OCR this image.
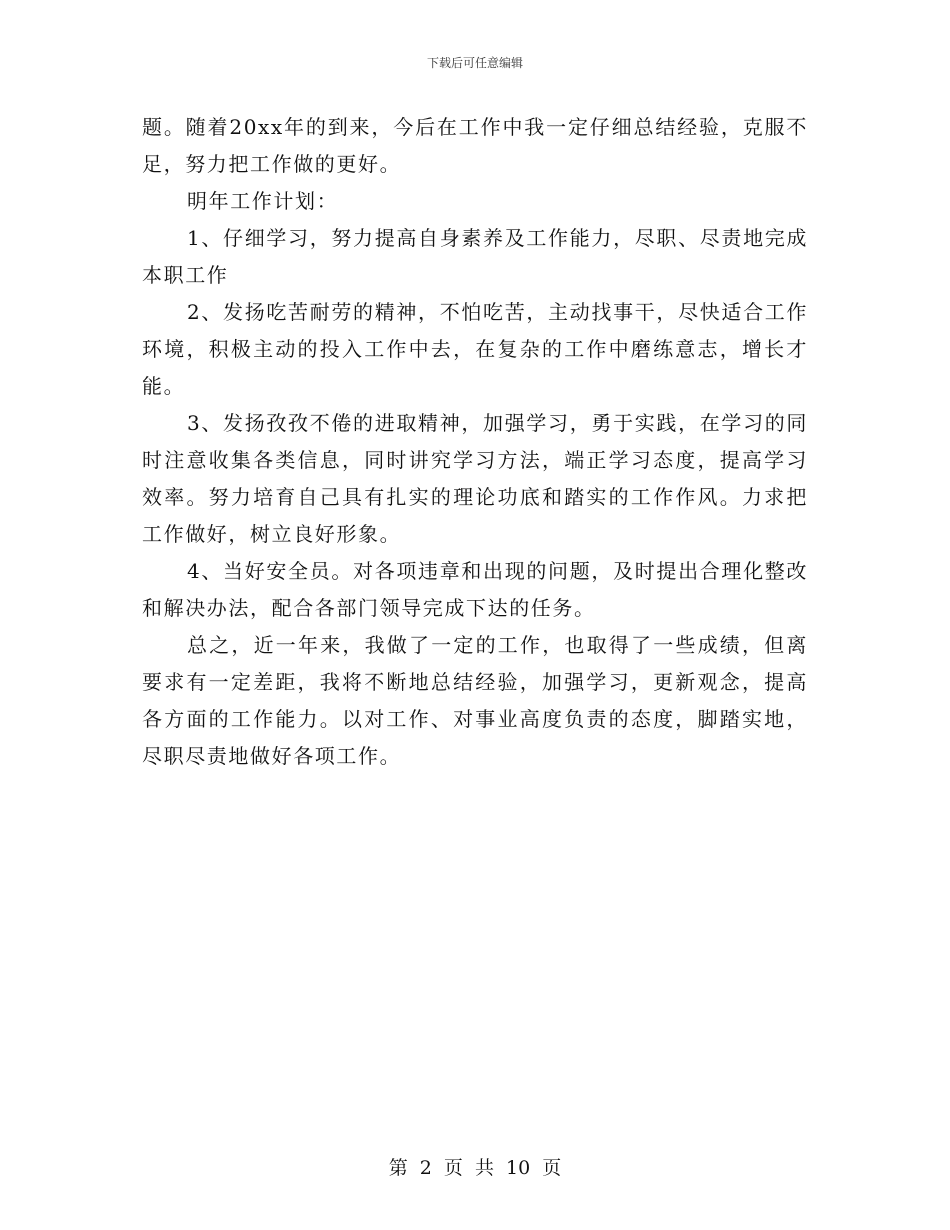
下载后可任意编辑

题。随着20xx年的到来，今后在工作中我一定仔细总结经验，克服不足，努力把工作做的更好。

明年工作计划：

1、仔细学习，努力提高自身素养及工作能力，尽职、尽责地完成本职工作

2、发扬吃苦耐劳的精神，不怕吃苦，主动找事干，尽快适合工作环境，积极主动的投入工作中去，在复杂的工作中磨练意志，增长才能。

3、发扬孜孜不倦的进取精神，加强学习，勇于实践，在学习的同时注意收集各类信息，同时讲究学习方法，端正学习态度，提高学习效率。努力培育自己具有扎实的理论功底和踏实的工作作风。力求把工作做好，树立良好形象。

4、当好安全员。对各项违章和出现的问题，及时提出合理化整改和解决办法，配合各部门领导完成下达的任务。

总之，近一年来，我做了一定的工作，也取得了一些成绩，但离要求有一定差距，我将不断地总结经验，加强学习，更新观念，提高各方面的工作能力。以对工作、对事业高度负责的态度，脚踏实地，尽职尽责地做好各项工作。

第 2 页 共 10 页
